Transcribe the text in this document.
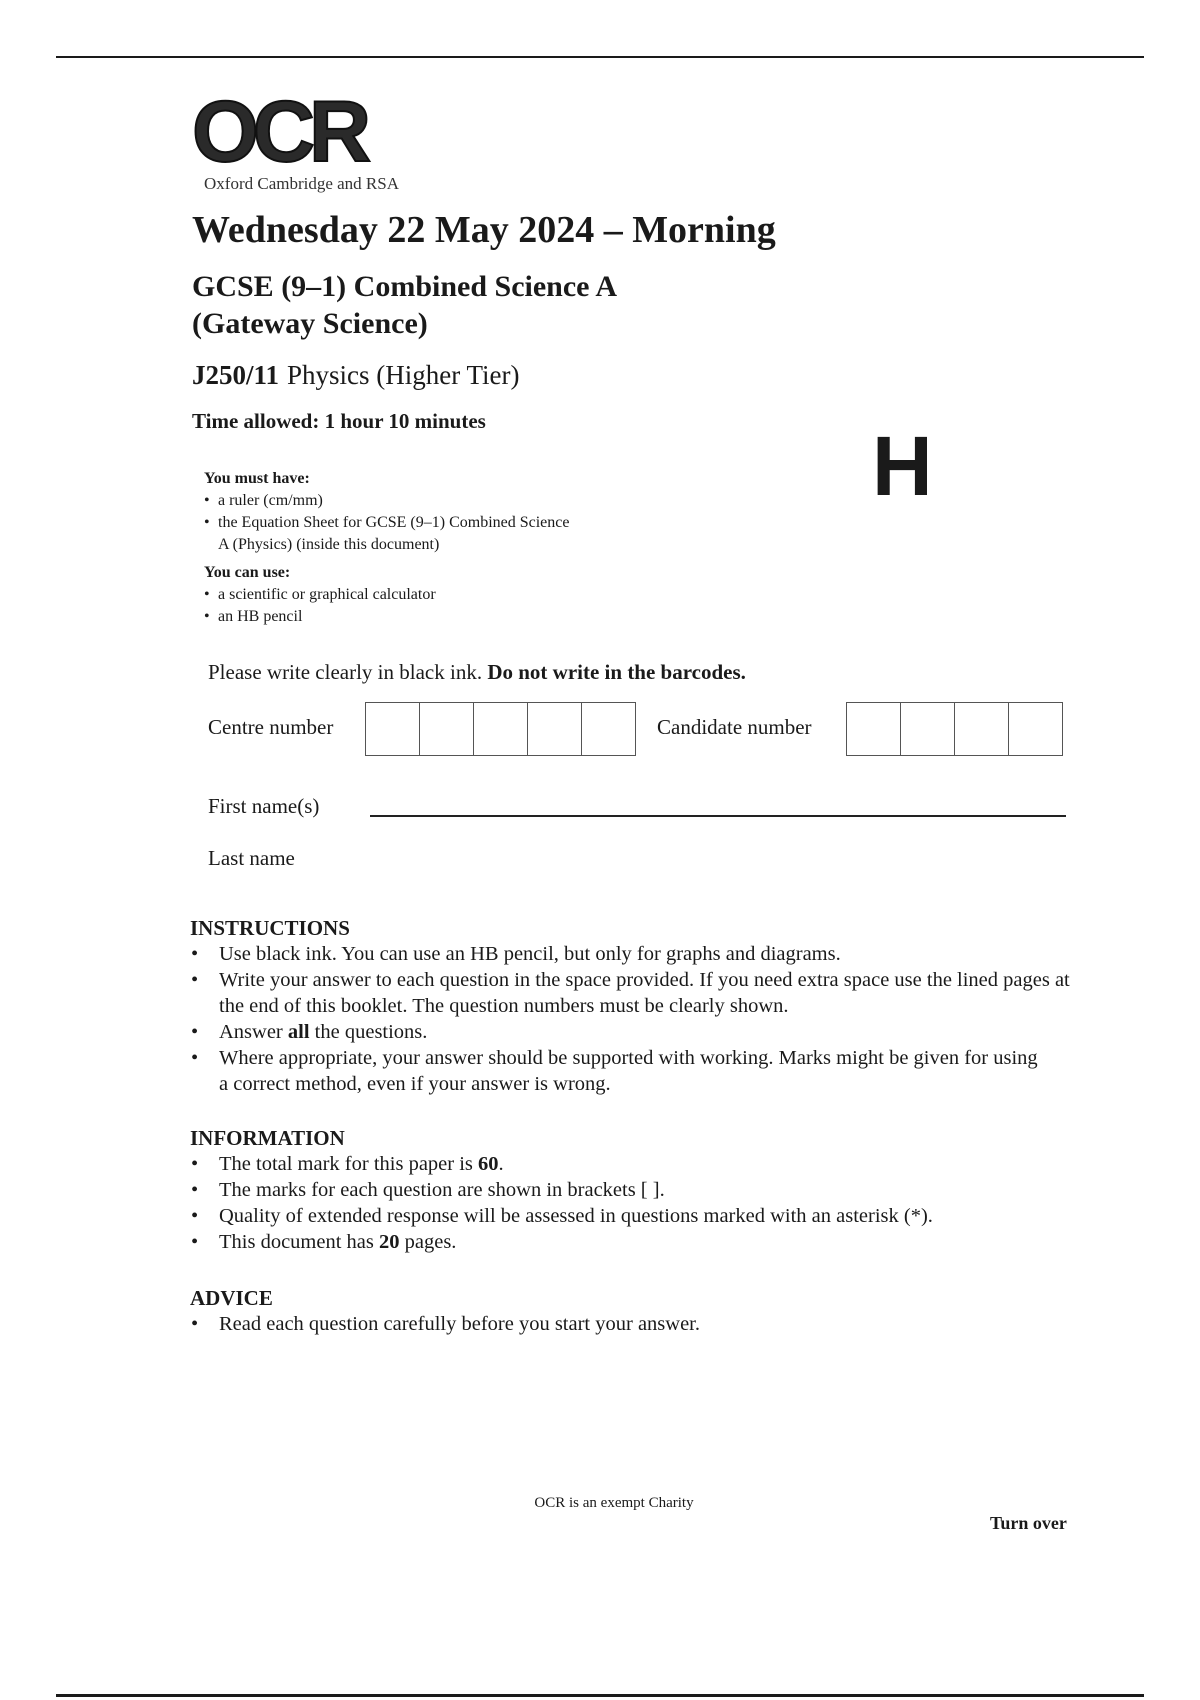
OCR
Oxford Cambridge and RSA
Wednesday 22 May 2024 – Morning
GCSE (9–1) Combined Science A
(Gateway Science)
J250/11 Physics (Higher Tier)
Time allowed: 1 hour 10 minutes	H
You must have:
• a ruler (cm/mm)
• the Equation Sheet for GCSE (9–1) Combined Science A (Physics) (inside this document)
You can use:
• a scientific or graphical calculator
• an HB pencil
Please write clearly in black ink. Do not write in the barcodes.
Centre number	Candidate number
First name(s)
Last name
INSTRUCTIONS
• Use black ink. You can use an HB pencil, but only for graphs and diagrams.
• Write your answer to each question in the space provided. If you need extra space use the lined pages at the end of this booklet. The question numbers must be clearly shown.
• Answer all the questions.
• Where appropriate, your answer should be supported with working. Marks might be given for using a correct method, even if your answer is wrong.
INFORMATION
• The total mark for this paper is 60.
• The marks for each question are shown in brackets [ ].
• Quality of extended response will be assessed in questions marked with an asterisk (*).
• This document has 20 pages.
ADVICE
• Read each question carefully before you start your answer.
OCR is an exempt Charity
Turn over
